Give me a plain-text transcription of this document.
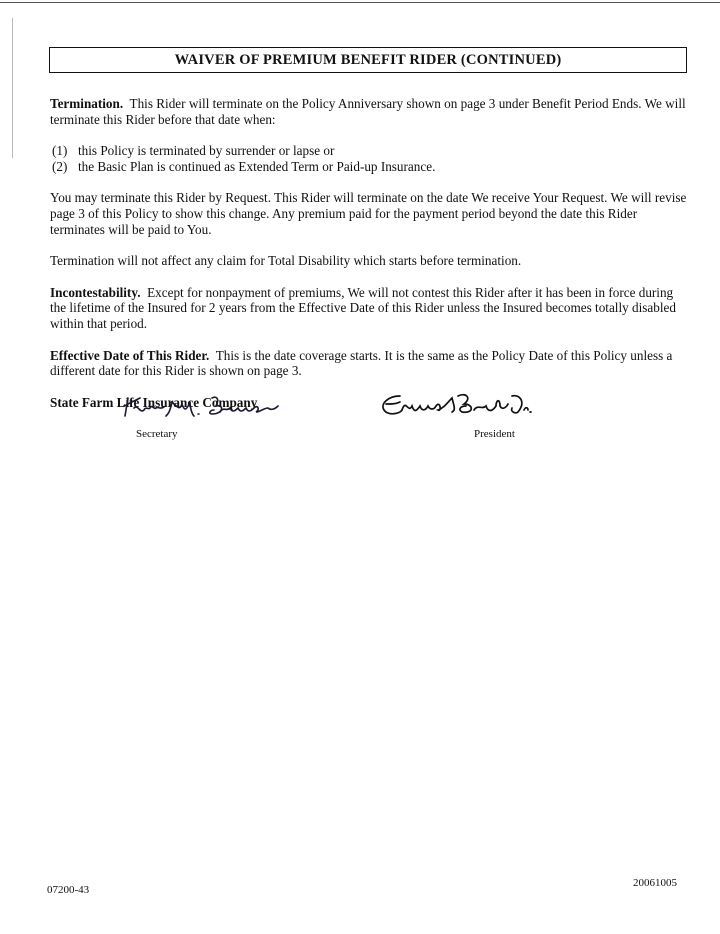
WAIVER OF PREMIUM BENEFIT RIDER (CONTINUED)

Termination. This Rider will terminate on the Policy Anniversary shown on page 3 under Benefit Period Ends. We will terminate this Rider before that date when:

(1) this Policy is terminated by surrender or lapse or
(2) the Basic Plan is continued as Extended Term or Paid-up Insurance.

You may terminate this Rider by Request. This Rider will terminate on the date We receive Your Request. We will revise page 3 of this Policy to show this change. Any premium paid for the payment period beyond the date this Rider terminates will be paid to You.

Termination will not affect any claim for Total Disability which starts before termination.

Incontestability. Except for nonpayment of premiums, We will not contest this Rider after it has been in force during the lifetime of the Insured for 2 years from the Effective Date of this Rider unless the Insured becomes totally disabled within that period.

Effective Date of This Rider. This is the date coverage starts. It is the same as the Policy Date of this Policy unless a different date for this Rider is shown on page 3.

State Farm Life Insurance Company
Secretary	President
07200-43
20061005
